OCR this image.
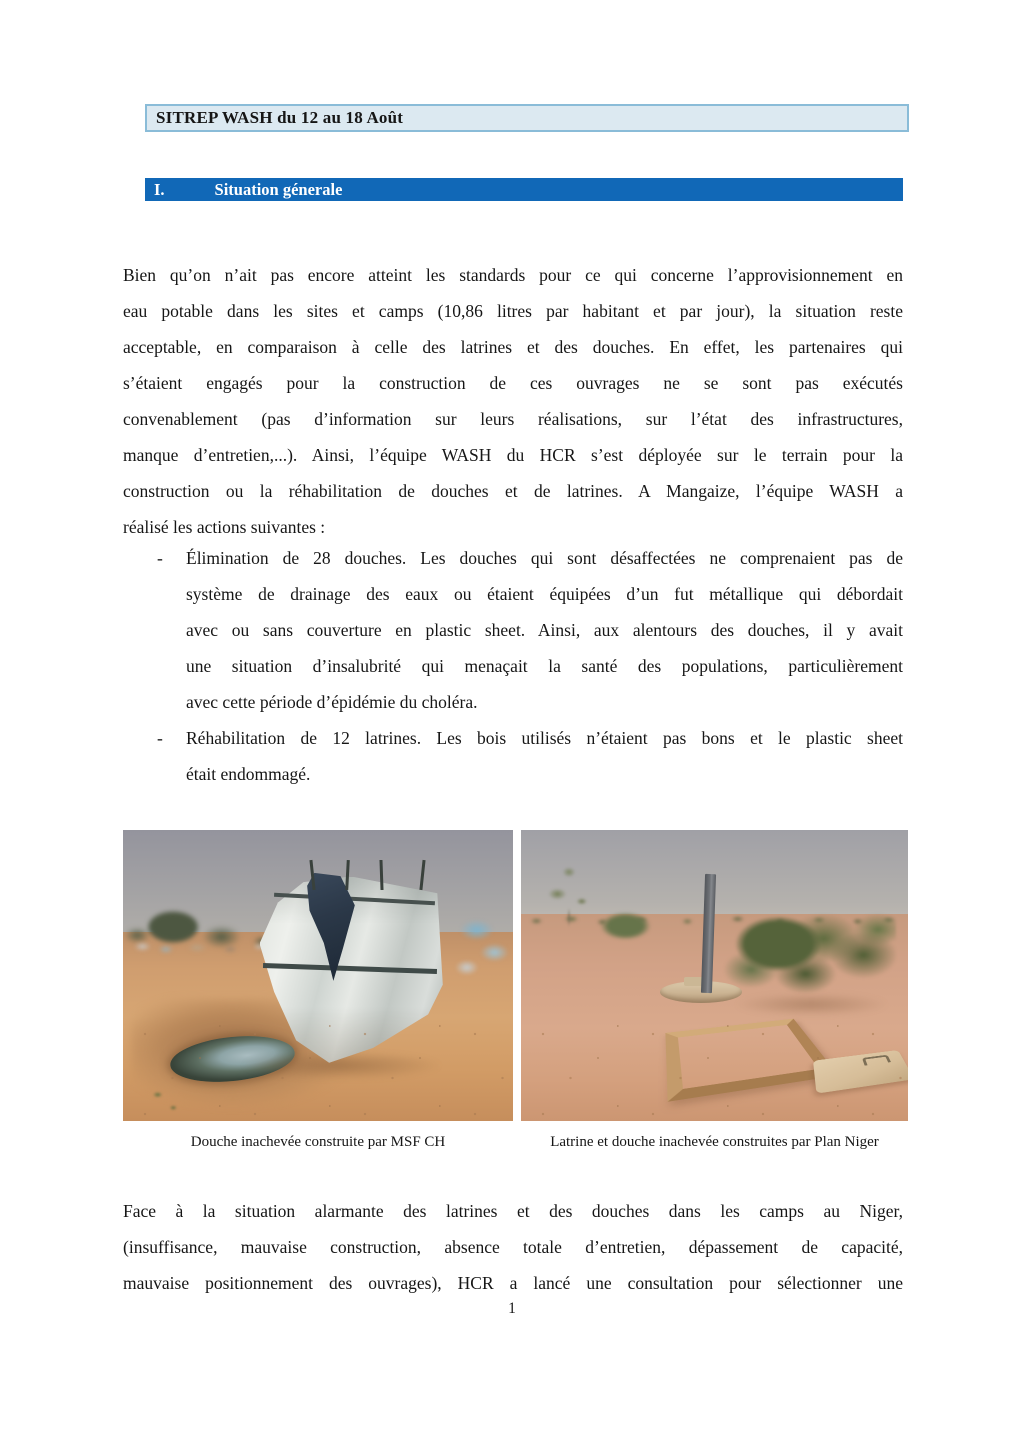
SITREP WASH du 12 au 18 Août
I.	Situation génerale
Bien qu’on n’ait pas encore atteint les standards pour ce qui concerne l’approvisionnement en
eau potable dans les sites et camps (10,86 litres par habitant et par jour), la situation reste
acceptable, en comparaison à celle des latrines et des douches. En effet, les partenaires qui
s’étaient engagés pour la construction de ces ouvrages ne se sont pas exécutés
convenablement (pas d’information sur leurs réalisations, sur l’état des infrastructures,
manque d’entretien,...). Ainsi, l’équipe WASH du HCR s’est déployée sur le terrain pour la
construction ou la réhabilitation de douches et de latrines. A Mangaize, l’équipe WASH a
réalisé les actions suivantes :
- Élimination de 28 douches. Les douches qui sont désaffectées ne comprenaient pas de
système de drainage des eaux ou étaient équipées d’un fut métallique qui débordait
avec ou sans couverture en plastic sheet. Ainsi, aux alentours des douches, il y avait
une situation d’insalubrité qui menaçait la santé des populations, particulièrement
avec cette période d’épidémie du choléra.
- Réhabilitation de 12 latrines. Les bois utilisés n’étaient pas bons et le plastic sheet
était endommagé.
Douche inachevée construite par MSF CH	Latrine et douche inachevée construites par Plan Niger
Face à la situation alarmante des latrines et des douches dans les camps au Niger,
(insuffisance, mauvaise construction, absence totale d’entretien, dépassement de capacité,
mauvaise positionnement des ouvrages), HCR a lancé une consultation pour sélectionner une
1
